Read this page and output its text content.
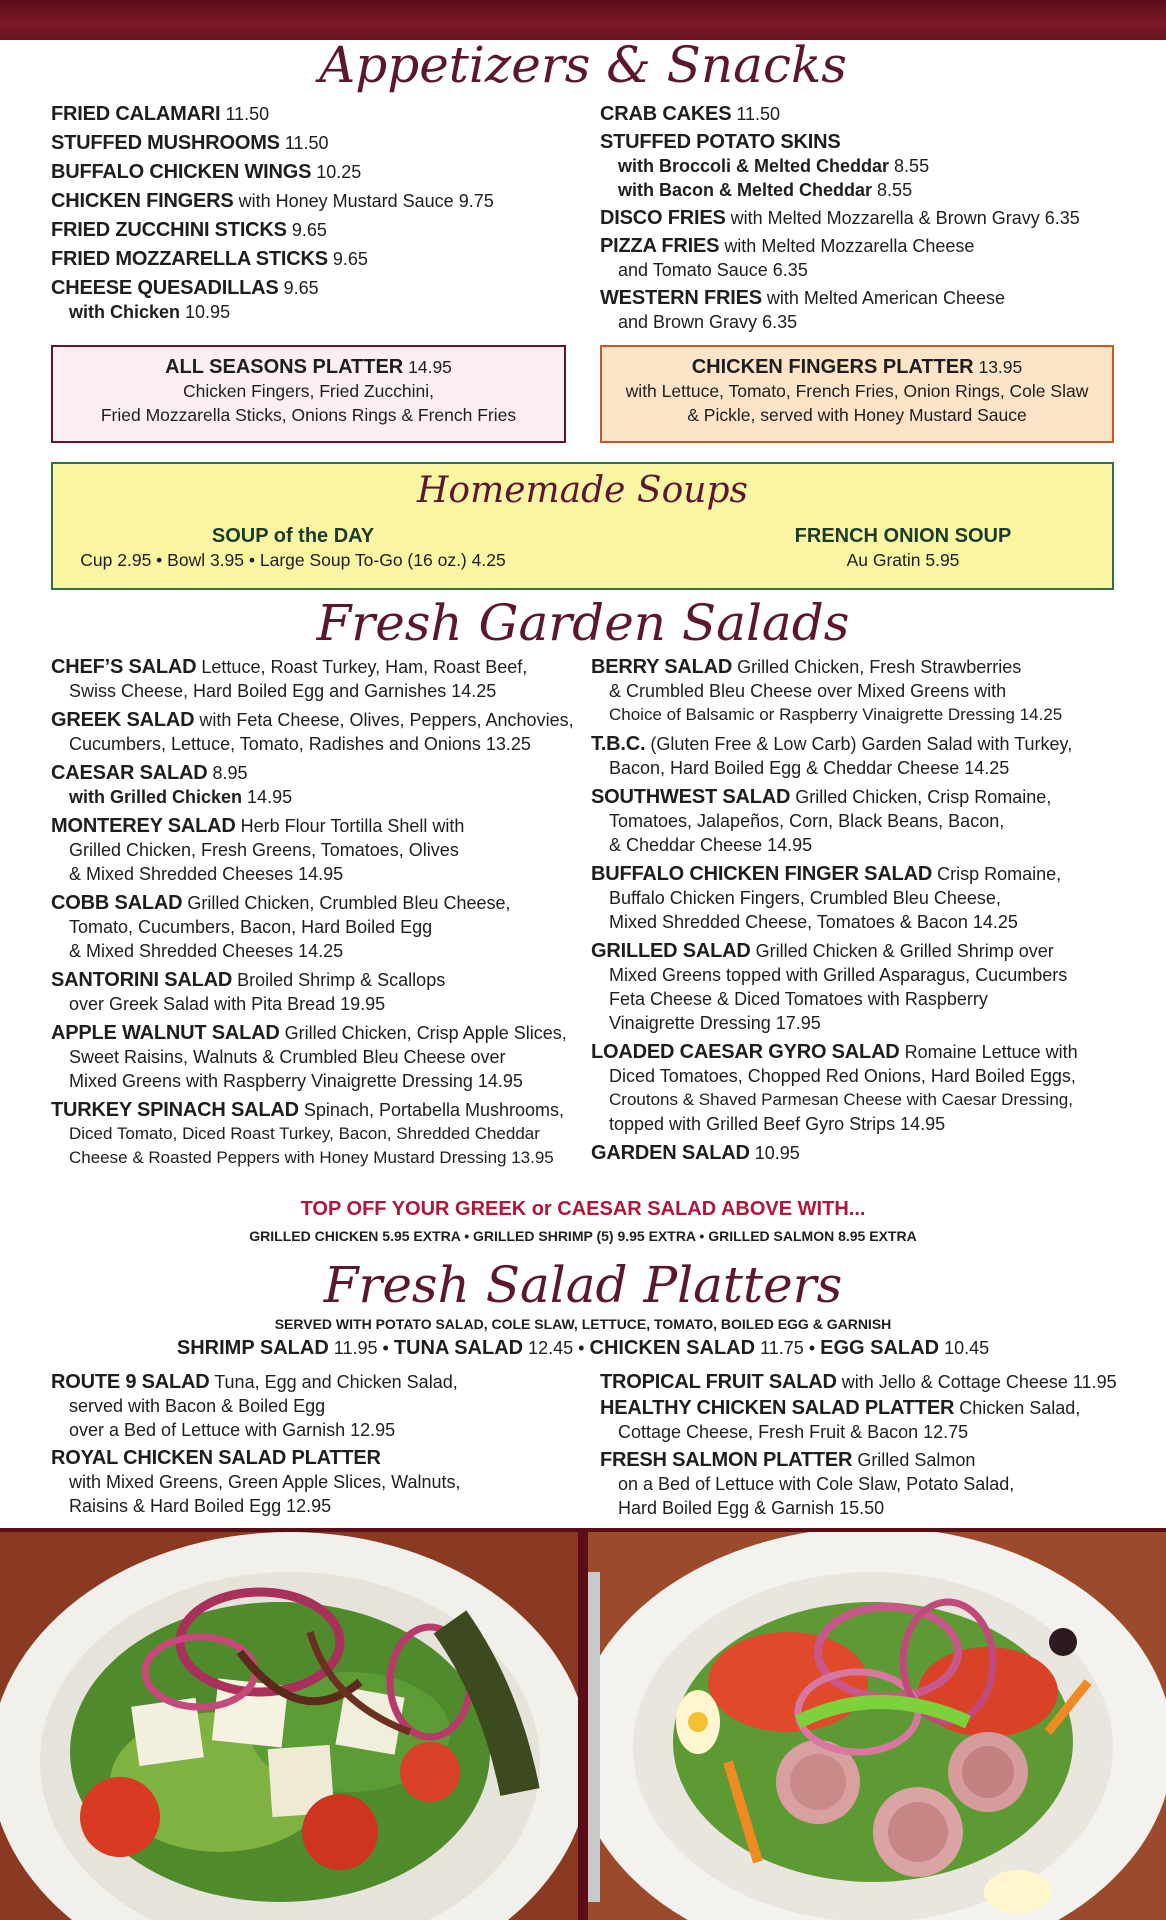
Appetizers & Snacks
FRIED CALAMARI 11.50
STUFFED MUSHROOMS 11.50
BUFFALO CHICKEN WINGS 10.25
CHICKEN FINGERS with Honey Mustard Sauce 9.75
FRIED ZUCCHINI STICKS 9.65
FRIED MOZZARELLA STICKS 9.65
CHEESE QUESADILLAS 9.65
with Chicken 10.95
CRAB CAKES 11.50
STUFFED POTATO SKINS
with Broccoli & Melted Cheddar 8.55
with Bacon & Melted Cheddar 8.55
DISCO FRIES with Melted Mozzarella & Brown Gravy 6.35
PIZZA FRIES with Melted Mozzarella Cheese
and Tomato Sauce 6.35
WESTERN FRIES with Melted American Cheese
and Brown Gravy 6.35
ALL SEASONS PLATTER 14.95
Chicken Fingers, Fried Zucchini,
Fried Mozzarella Sticks, Onions Rings & French Fries
CHICKEN FINGERS PLATTER 13.95
with Lettuce, Tomato, French Fries, Onion Rings, Cole Slaw
& Pickle, served with Honey Mustard Sauce
Homemade Soups
SOUP of the DAY
Cup 2.95 • Bowl 3.95 • Large Soup To-Go (16 oz.) 4.25
FRENCH ONION SOUP
Au Gratin 5.95
Fresh Garden Salads
CHEF’S SALAD Lettuce, Roast Turkey, Ham, Roast Beef,
Swiss Cheese, Hard Boiled Egg and Garnishes 14.25
GREEK SALAD with Feta Cheese, Olives, Peppers, Anchovies,
Cucumbers, Lettuce, Tomato, Radishes and Onions 13.25
CAESAR SALAD 8.95
with Grilled Chicken 14.95
MONTEREY SALAD Herb Flour Tortilla Shell with
Grilled Chicken, Fresh Greens, Tomatoes, Olives
& Mixed Shredded Cheeses 14.95
COBB SALAD Grilled Chicken, Crumbled Bleu Cheese,
Tomato, Cucumbers, Bacon, Hard Boiled Egg
& Mixed Shredded Cheeses 14.25
SANTORINI SALAD Broiled Shrimp & Scallops
over Greek Salad with Pita Bread 19.95
APPLE WALNUT SALAD Grilled Chicken, Crisp Apple Slices,
Sweet Raisins, Walnuts & Crumbled Bleu Cheese over
Mixed Greens with Raspberry Vinaigrette Dressing 14.95
TURKEY SPINACH SALAD Spinach, Portabella Mushrooms,
Diced Tomato, Diced Roast Turkey, Bacon, Shredded Cheddar
Cheese & Roasted Peppers with Honey Mustard Dressing 13.95
BERRY SALAD Grilled Chicken, Fresh Strawberries
& Crumbled Bleu Cheese over Mixed Greens with
Choice of Balsamic or Raspberry Vinaigrette Dressing 14.25
T.B.C. (Gluten Free & Low Carb) Garden Salad with Turkey,
Bacon, Hard Boiled Egg & Cheddar Cheese 14.25
SOUTHWEST SALAD Grilled Chicken, Crisp Romaine,
Tomatoes, Jalapeños, Corn, Black Beans, Bacon,
& Cheddar Cheese 14.95
BUFFALO CHICKEN FINGER SALAD Crisp Romaine,
Buffalo Chicken Fingers, Crumbled Bleu Cheese,
Mixed Shredded Cheese, Tomatoes & Bacon 14.25
GRILLED SALAD Grilled Chicken & Grilled Shrimp over
Mixed Greens topped with Grilled Asparagus, Cucumbers
Feta Cheese & Diced Tomatoes with Raspberry
Vinaigrette Dressing 17.95
LOADED CAESAR GYRO SALAD Romaine Lettuce with
Diced Tomatoes, Chopped Red Onions, Hard Boiled Eggs,
Croutons & Shaved Parmesan Cheese with Caesar Dressing,
topped with Grilled Beef Gyro Strips 14.95
GARDEN SALAD 10.95
TOP OFF YOUR GREEK or CAESAR SALAD ABOVE WITH...
GRILLED CHICKEN 5.95 EXTRA • GRILLED SHRIMP (5) 9.95 EXTRA • GRILLED SALMON 8.95 EXTRA
Fresh Salad Platters
SERVED WITH POTATO SALAD, COLE SLAW, LETTUCE, TOMATO, BOILED EGG & GARNISH
SHRIMP SALAD 11.95 • TUNA SALAD 12.45 • CHICKEN SALAD 11.75 • EGG SALAD 10.45
ROUTE 9 SALAD Tuna, Egg and Chicken Salad,
served with Bacon & Boiled Egg
over a Bed of Lettuce with Garnish 12.95
ROYAL CHICKEN SALAD PLATTER
with Mixed Greens, Green Apple Slices, Walnuts,
Raisins & Hard Boiled Egg 12.95
TROPICAL FRUIT SALAD with Jello & Cottage Cheese 11.95
HEALTHY CHICKEN SALAD PLATTER Chicken Salad,
Cottage Cheese, Fresh Fruit & Bacon 12.75
FRESH SALMON PLATTER Grilled Salmon
on a Bed of Lettuce with Cole Slaw, Potato Salad,
Hard Boiled Egg & Garnish 15.50
